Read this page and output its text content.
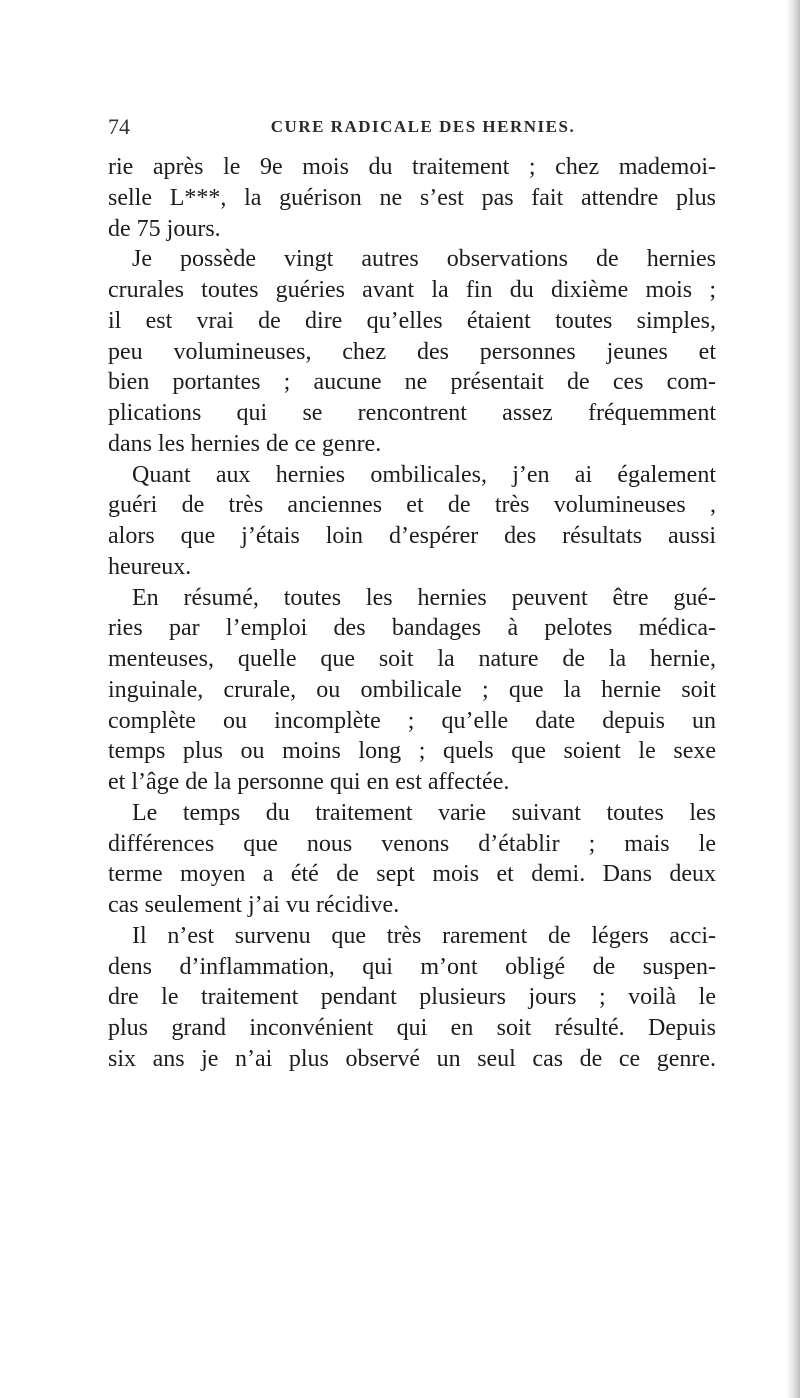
74	CURE RADICALE DES HERNIES.
rie après le 9e mois du traitement ; chez mademoi-
selle L***, la guérison ne s’est pas fait attendre plus
de 75 jours.
Je possède vingt autres observations de hernies
crurales toutes guéries avant la fin du dixième mois ;
il est vrai de dire qu’elles étaient toutes simples,
peu volumineuses, chez des personnes jeunes et
bien portantes ; aucune ne présentait de ces com-
plications qui se rencontrent assez fréquemment
dans les hernies de ce genre.
Quant aux hernies ombilicales, j’en ai également
guéri de très anciennes et de très volumineuses ,
alors que j’étais loin d’espérer des résultats aussi
heureux.
En résumé, toutes les hernies peuvent être gué-
ries par l’emploi des bandages à pelotes médica-
menteuses, quelle que soit la nature de la hernie,
inguinale, crurale, ou ombilicale ; que la hernie soit
complète ou incomplète ; qu’elle date depuis un
temps plus ou moins long ; quels que soient le sexe
et l’âge de la personne qui en est affectée.
Le temps du traitement varie suivant toutes les
différences que nous venons d’établir ; mais le
terme moyen a été de sept mois et demi. Dans deux
cas seulement j’ai vu récidive.
Il n’est survenu que très rarement de légers acci-
dens d’inflammation, qui m’ont obligé de suspen-
dre le traitement pendant plusieurs jours ; voilà le
plus grand inconvénient qui en soit résulté. Depuis
six ans je n’ai plus observé un seul cas de ce genre.
